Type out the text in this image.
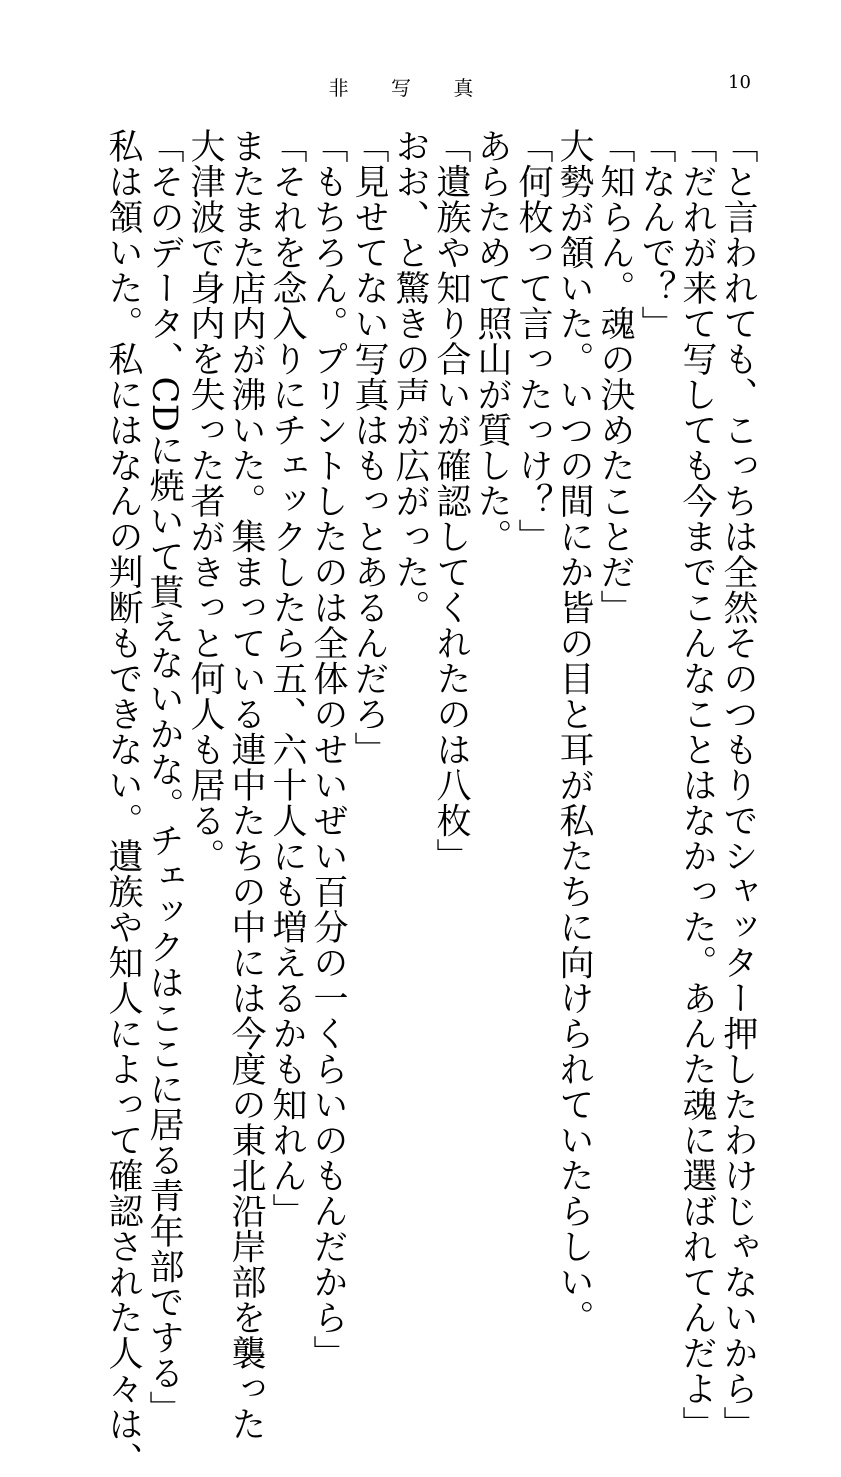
非 写 真	10
「と言われても、こっちは全然そのつもりでシャッター押したわけじゃないから」
「だれが来て写しても今までこんなことはなかった。あんた魂に選ばれてんだよ」
「なんで？」
「知らん。魂の決めたことだ」
大勢が頷いた。いつの間にか皆の目と耳が私たちに向けられていたらしい。
「何枚って言ったっけ？」
あらためて照山が質した。
「遺族や知り合いが確認してくれたのは八枚」
おお、と驚きの声が広がった。
「見せてない写真はもっとあるんだろ」
「もちろん。プリントしたのは全体のせいぜい百分の一くらいのもんだから」
「それを念入りにチェックしたら五、六十人にも増えるかも知れん」
またまた店内が沸いた。集まっている連中たちの中には今度の東北沿岸部を襲った
大津波で身内を失った者がきっと何人も居る。
「そのデータ、CDに焼いて貰えないかな。チェックはここに居る青年部でする」
私は頷いた。私にはなんの判断もできない。遺族や知人によって確認された人々は、
